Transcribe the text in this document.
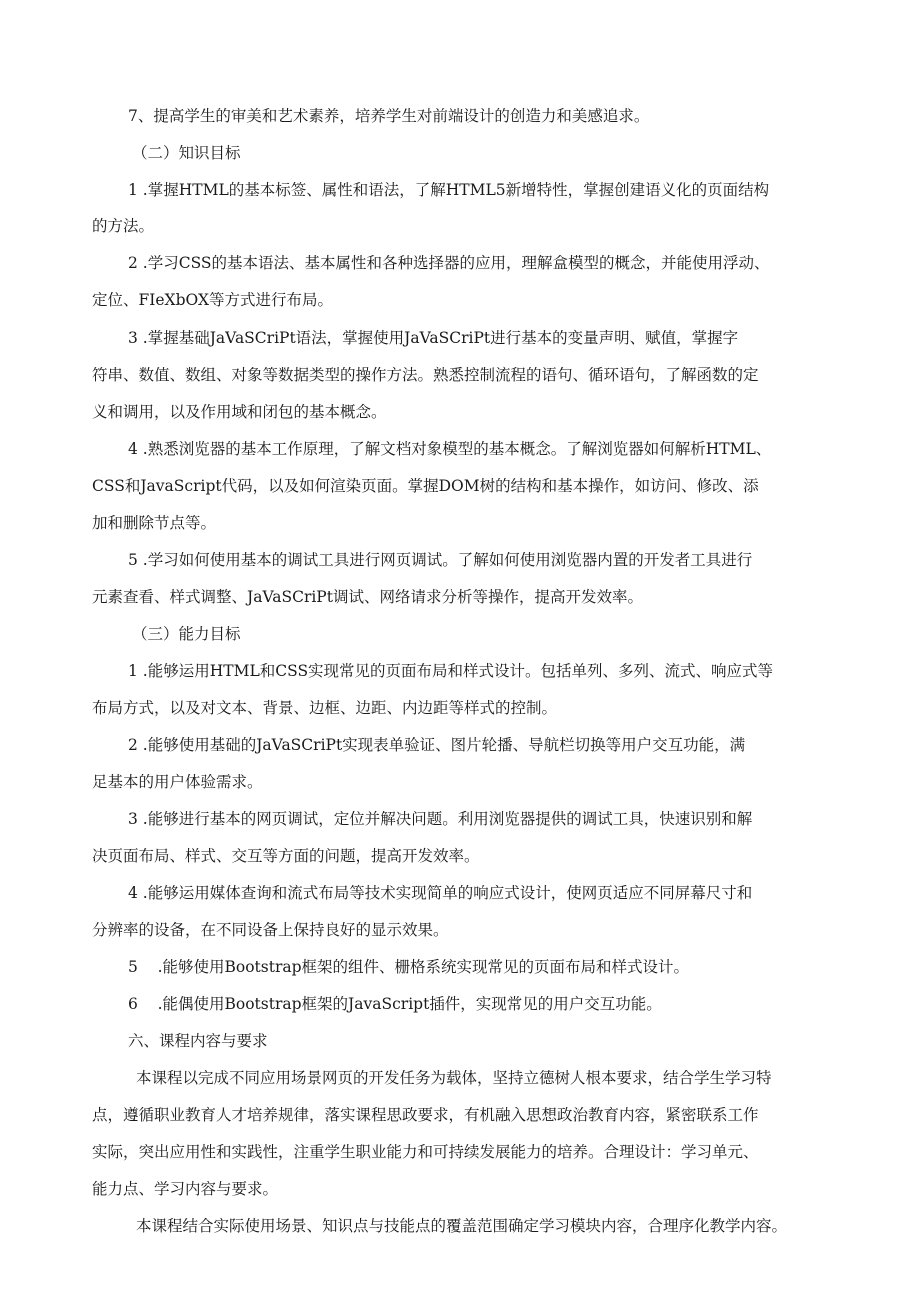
7、提高学生的审美和艺术素养，培养学生对前端设计的创造力和美感追求。
（二）知识目标
1 .掌握HTML的基本标签、属性和语法，了解HTML5新增特性，掌握创建语义化的页面结构
的方法。
2 .学习CSS的基本语法、基本属性和各种选择器的应用，理解盒模型的概念，并能使用浮动、
定位、FIeXbOX等方式进行布局。
3 .掌握基础JaVaSCriPt语法，掌握使用JaVaSCriPt进行基本的变量声明、赋值，掌握字
符串、数值、数组、对象等数据类型的操作方法。熟悉控制流程的语句、循环语句，了解函数的定
义和调用，以及作用域和闭包的基本概念。
4 .熟悉浏览器的基本工作原理，了解文档对象模型的基本概念。了解浏览器如何解析HTML、
CSS和JavaScript代码，以及如何渲染页面。掌握DOM树的结构和基本操作，如访问、修改、添
加和删除节点等。
5 .学习如何使用基本的调试工具进行网页调试。了解如何使用浏览器内置的开发者工具进行
元素查看、样式调整、JaVaSCriPt调试、网络请求分析等操作，提高开发效率。
（三）能力目标
1 .能够运用HTML和CSS实现常见的页面布局和样式设计。包括单列、多列、流式、响应式等
布局方式，以及对文本、背景、边框、边距、内边距等样式的控制。
2 .能够使用基础的JaVaSCriPt实现表单验证、图片轮播、导航栏切换等用户交互功能，满
足基本的用户体验需求。
3 .能够进行基本的网页调试，定位并解决问题。利用浏览器提供的调试工具，快速识别和解
决页面布局、样式、交互等方面的问题，提高开发效率。
4 .能够运用媒体查询和流式布局等技术实现简单的响应式设计，使网页适应不同屏幕尺寸和
分辨率的设备，在不同设备上保持良好的显示效果。
5    .能够使用Bootstrap框架的组件、栅格系统实现常见的页面布局和样式设计。
6    .能偶使用Bootstrap框架的JavaScript插件，实现常见的用户交互功能。
六、课程内容与要求
本课程以完成不同应用场景网页的开发任务为载体，坚持立德树人根本要求，结合学生学习特
点，遵循职业教育人才培养规律，落实课程思政要求，有机融入思想政治教育内容，紧密联系工作
实际，突出应用性和实践性，注重学生职业能力和可持续发展能力的培养。合理设计：学习单元、
能力点、学习内容与要求。
本课程结合实际使用场景、知识点与技能点的覆盖范围确定学习模块内容，合理序化教学内容。
